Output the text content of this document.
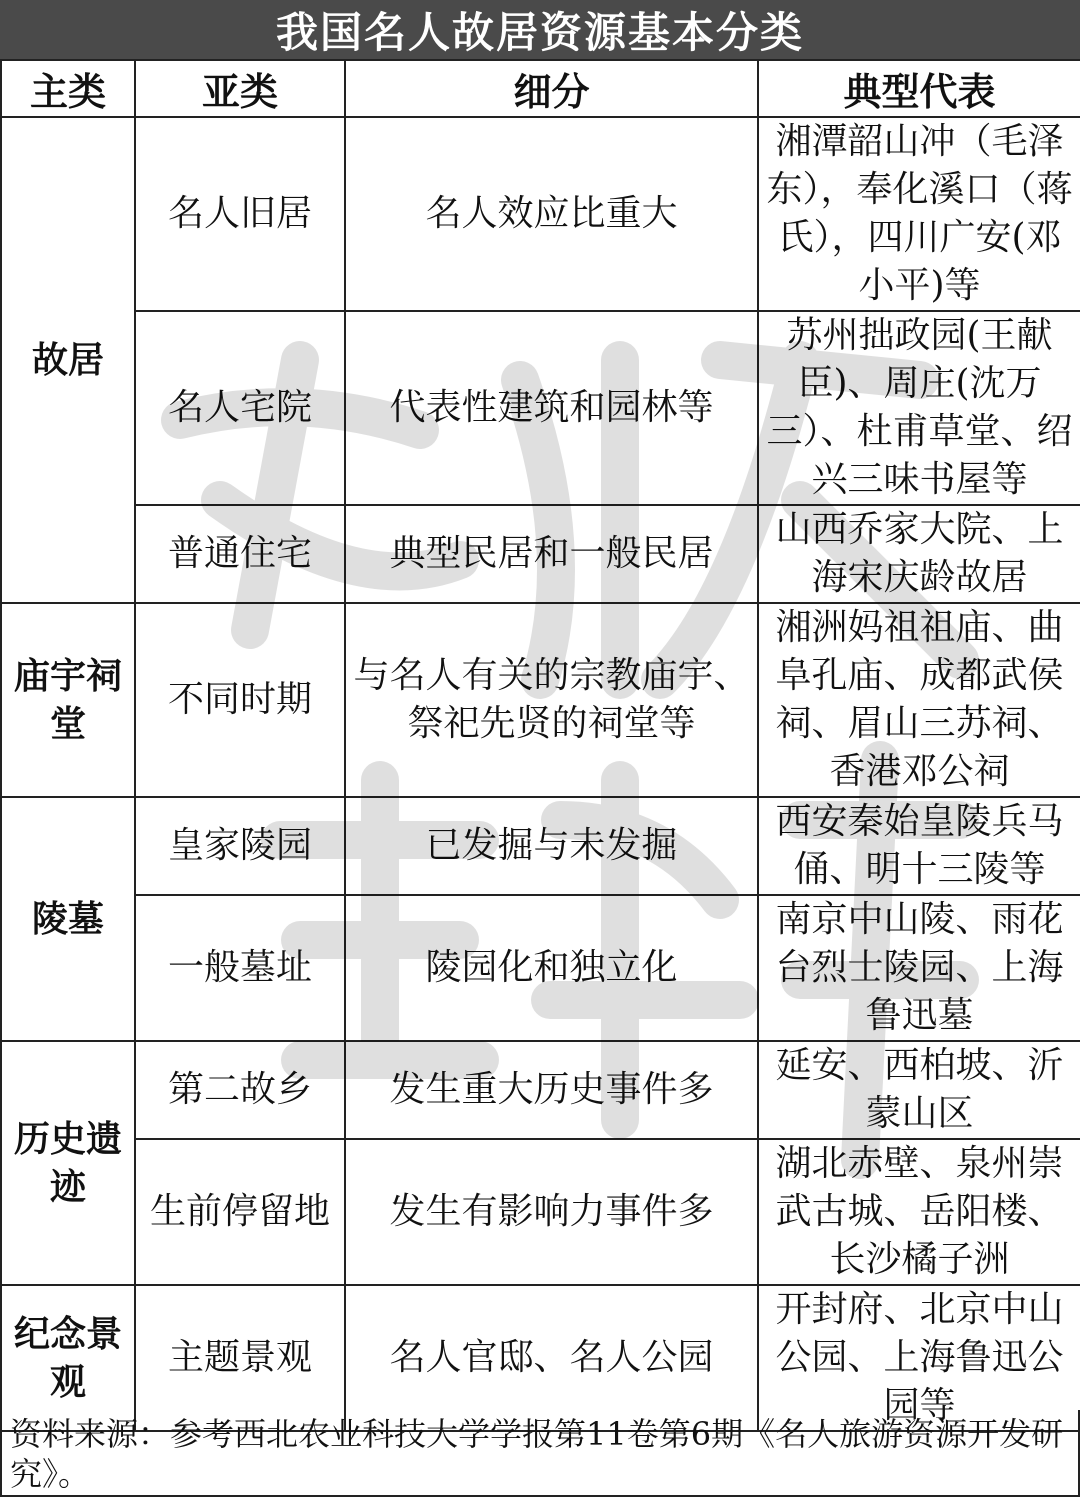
我国名人故居资源基本分类
主类	亚类	细分	典型代表
故居	名人旧居	名人效应比重大	湘潭韶山冲（毛泽东），奉化溪口（蒋氏），四川广安(邓小平)等
	名人宅院	代表性建筑和园林等	苏州拙政园(王献臣)、周庄(沈万三）、杜甫草堂、绍兴三味书屋等
	普通住宅	典型民居和一般民居	山西乔家大院、上海宋庆龄故居
庙宇祠堂	不同时期	与名人有关的宗教庙宇、祭祀先贤的祠堂等	湘洲妈祖祖庙、曲阜孔庙、成都武侯祠、眉山三苏祠、香港邓公祠
陵墓	皇家陵园	已发掘与未发掘	西安秦始皇陵兵马俑、明十三陵等
	一般墓址	陵园化和独立化	南京中山陵、雨花台烈士陵园、上海鲁迅墓
历史遗迹	第二故乡	发生重大历史事件多	延安、西柏坡、沂蒙山区
	生前停留地	发生有影响力事件多	湖北赤壁、泉州崇武古城、岳阳楼、长沙橘子洲
纪念景观	主题景观	名人官邸、名人公园	开封府、北京中山公园、上海鲁迅公园等
资料来源：参考西北农业科技大学学报第11卷第6期《名人旅游资源开发研究》。
